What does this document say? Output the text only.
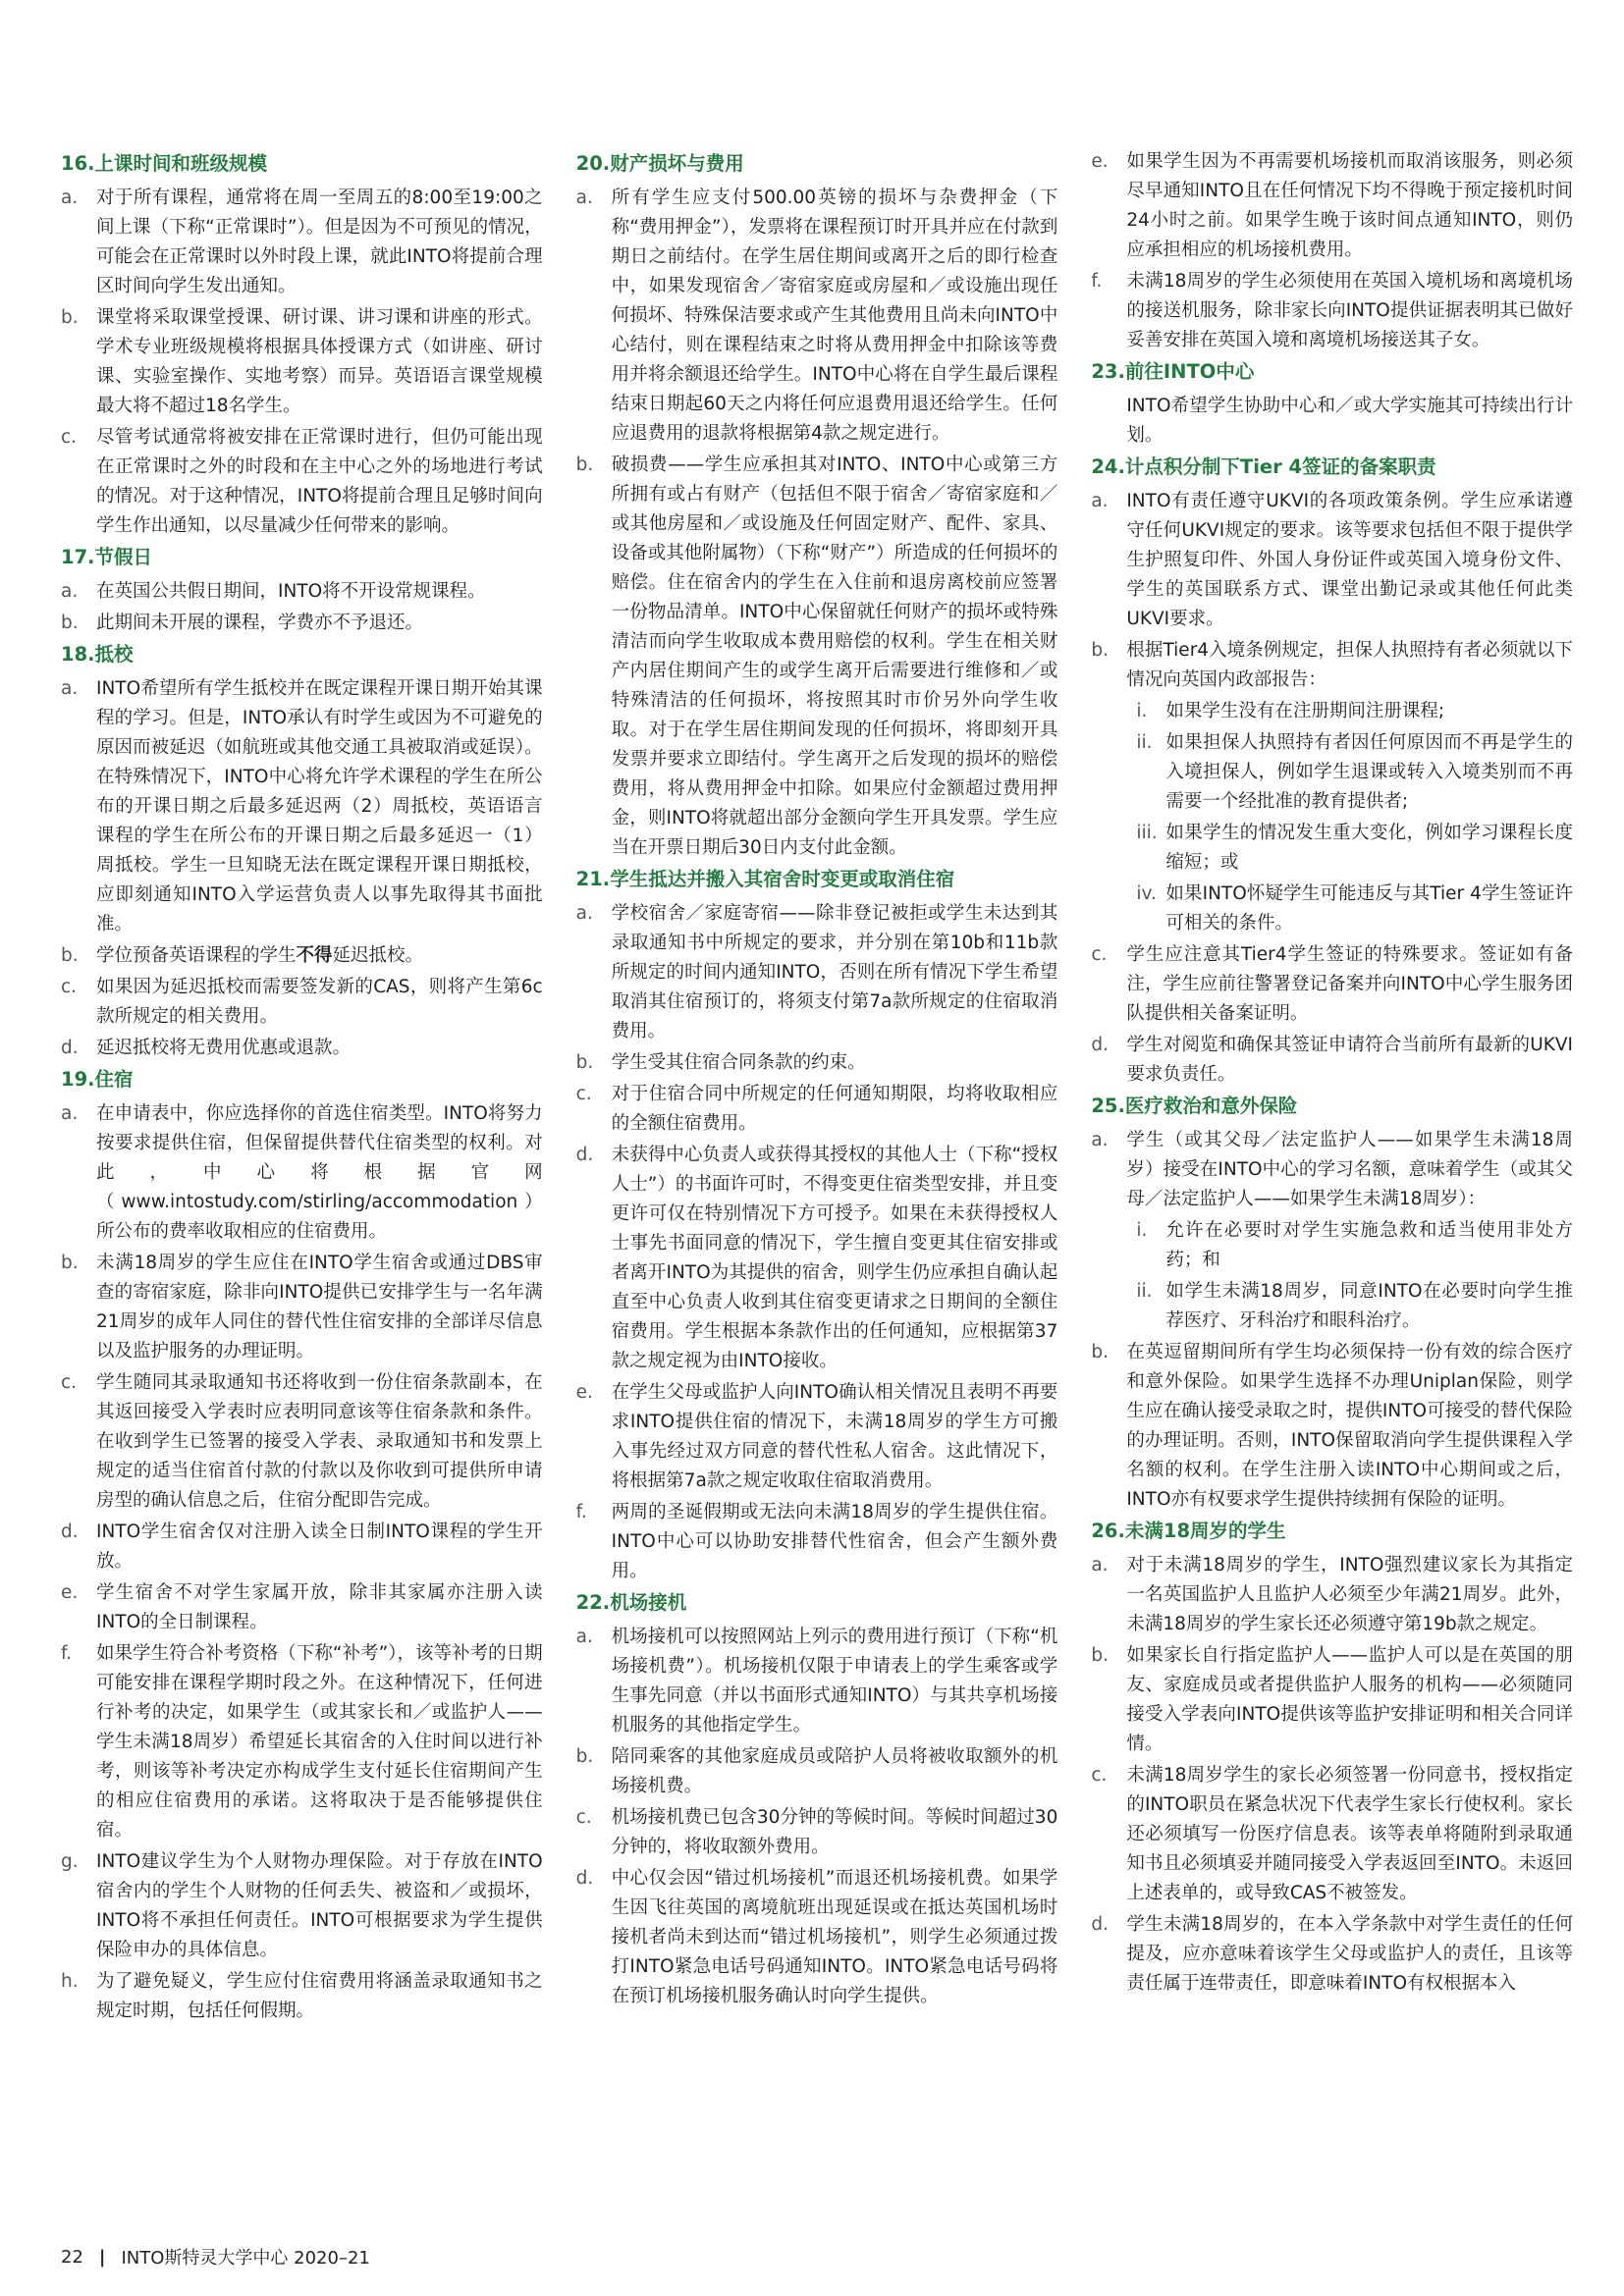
16.上课时间和班级规模
a.	对于所有课程，通常将在周一至周五的8:00至19:00之间上课（下称“正常课时”）。但是因为不可预见的情况，可能会在正常课时以外时段上课，就此INTO将提前合理区时间向学生发出通知。
b. 课堂将采取课堂授课、研讨课、讲习课和讲座的形式。学术专业班级规模将根据具体授课方式（如讲座、研讨课、实验室操作、实地考察）而异。英语语言课堂规模最大将不超过18名学生。
c.	尽管考试通常将被安排在正常课时进行，但仍可能出现在正常课时之外的时段和在主中心之外的场地进行考试的情况。对于这种情况，INTO将提前合理且足够时间向学生作出通知，以尽量减少任何带来的影响。
17.节假日
a.	在英国公共假日期间，INTO将不开设常规课程。
b. 此期间未开展的课程，学费亦不予退还。
18.抵校
a.	INTO希望所有学生抵校并在既定课程开课日期开始其课程的学习。但是，INTO承认有时学生或因为不可避免的原因而被延迟（如航班或其他交通工具被取消或延误）。在特殊情况下，INTO中心将允许学术课程的学生在所公布的开课日期之后最多延迟两（2）周抵校，英语语言课程的学生在所公布的开课日期之后最多延迟一（1）周抵校。学生一旦知晓无法在既定课程开课日期抵校，应即刻通知INTO入学运营负责人以事先取得其书面批准。
b. 学位预备英语课程的学生不得延迟抵校。
c.	如果因为延迟抵校而需要签发新的CAS，则将产生第6c款所规定的相关费用。
d. 延迟抵校将无费用优惠或退款。
19.住宿
a.	在申请表中，你应选择你的首选住宿类型。INTO将努力按要求提供住宿，但保留提供替代住宿类型的权利。对此，中心将根据官网（www.intostudy.com/stirling/accommodation）所公布的费率收取相应的住宿费用。
b. 未满18周岁的学生应住在INTO学生宿舍或通过DBS审查的寄宿家庭，除非向INTO提供已安排学生与一名年满21周岁的成年人同住的替代性住宿安排的全部详尽信息以及监护服务的办理证明。
c.	学生随同其录取通知书还将收到一份住宿条款副本，在其返回接受入学表时应表明同意该等住宿条款和条件。在收到学生已签署的接受入学表、录取通知书和发票上规定的适当住宿首付款的付款以及你收到可提供所申请房型的确认信息之后，住宿分配即告完成。
d. INTO学生宿舍仅对注册入读全日制INTO课程的学生开放。
e.	学生宿舍不对学生家属开放，除非其家属亦注册入读INTO的全日制课程。
f.	如果学生符合补考资格（下称“补考”），该等补考的日期可能安排在课程学期时段之外。在这种情况下，任何进行补考的决定，如果学生（或其家长和／或监护人——学生未满18周岁）希望延长其宿舍的入住时间以进行补考，则该等补考决定亦构成学生支付延长住宿期间产生的相应住宿费用的承诺。这将取决于是否能够提供住宿。
g. INTO建议学生为个人财物办理保险。对于存放在INTO宿舍内的学生个人财物的任何丢失、被盗和／或损坏，INTO将不承担任何责任。INTO可根据要求为学生提供保险申办的具体信息。
h. 为了避免疑义，学生应付住宿费用将涵盖录取通知书之规定时期，包括任何假期。
20.财产损坏与费用
a.	所有学生应支付500.00英镑的损坏与杂费押金（下称“费用押金”），发票将在课程预订时开具并应在付款到期日之前结付。在学生居住期间或离开之后的即行检查中，如果发现宿舍／寄宿家庭或房屋和／或设施出现任何损坏、特殊保洁要求或产生其他费用且尚未向INTO中心结付，则在课程结束之时将从费用押金中扣除该等费用并将余额退还给学生。INTO中心将在自学生最后课程结束日期起60天之内将任何应退费用退还给学生。任何应退费用的退款将根据第4款之规定进行。
b. 破损费——学生应承担其对INTO、INTO中心或第三方所拥有或占有财产（包括但不限于宿舍／寄宿家庭和／或其他房屋和／或设施及任何固定财产、配件、家具、设备或其他附属物）（下称“财产”）所造成的任何损坏的赔偿。住在宿舍内的学生在入住前和退房离校前应签署一份物品清单。INTO中心保留就任何财产的损坏或特殊清洁而向学生收取成本费用赔偿的权利。学生在相关财产内居住期间产生的或学生离开后需要进行维修和／或特殊清洁的任何损坏，将按照其时市价另外向学生收取。对于在学生居住期间发现的任何损坏，将即刻开具发票并要求立即结付。学生离开之后发现的损坏的赔偿费用，将从费用押金中扣除。如果应付金额超过费用押金，则INTO将就超出部分金额向学生开具发票。学生应当在开票日期后30日内支付此金额。
21.学生抵达并搬入其宿舍时变更或取消住宿
a.	学校宿舍／家庭寄宿——除非登记被拒或学生未达到其录取通知书中所规定的要求，并分别在第10b和11b款所规定的时间内通知INTO，否则在所有情况下学生希望取消其住宿预订的，将须支付第7a款所规定的住宿取消费用。
b. 学生受其住宿合同条款的约束。
c.	对于住宿合同中所规定的任何通知期限，均将收取相应的全额住宿费用。
d. 未获得中心负责人或获得其授权的其他人士（下称“授权人士”）的书面许可时，不得变更住宿类型安排，并且变更许可仅在特别情况下方可授予。如果在未获得授权人士事先书面同意的情况下，学生擅自变更其住宿安排或者离开INTO为其提供的宿舍，则学生仍应承担自确认起直至中心负责人收到其住宿变更请求之日期间的全额住宿费用。学生根据本条款作出的任何通知，应根据第37款之规定视为由INTO接收。
e.	在学生父母或监护人向INTO确认相关情况且表明不再要求INTO提供住宿的情况下，未满18周岁的学生方可搬入事先经过双方同意的替代性私人宿舍。这此情况下，将根据第7a款之规定收取住宿取消费用。
f.	两周的圣诞假期或无法向未满18周岁的学生提供住宿。INTO中心可以协助安排替代性宿舍，但会产生额外费用。
22.机场接机
a.	机场接机可以按照网站上列示的费用进行预订（下称“机场接机费”）。机场接机仅限于申请表上的学生乘客或学生事先同意（并以书面形式通知INTO）与其共享机场接机服务的其他指定学生。
b. 陪同乘客的其他家庭成员或陪护人员将被收取额外的机场接机费。
c.	机场接机费已包含30分钟的等候时间。等候时间超过30分钟的，将收取额外费用。
d. 中心仅会因“错过机场接机”而退还机场接机费。如果学生因飞往英国的离境航班出现延误或在抵达英国机场时接机者尚未到达而“错过机场接机”，则学生必须通过拨打INTO紧急电话号码通知INTO。INTO紧急电话号码将在预订机场接机服务确认时向学生提供。
e.	如果学生因为不再需要机场接机而取消该服务，则必须尽早通知INTO且在任何情况下均不得晚于预定接机时间24小时之前。如果学生晚于该时间点通知INTO，则仍应承担相应的机场接机费用。
f.	未满18周岁的学生必须使用在英国入境机场和离境机场的接送机服务，除非家长向INTO提供证据表明其已做好妥善安排在英国入境和离境机场接送其子女。
23.前往INTO中心
INTO希望学生协助中心和／或大学实施其可持续出行计划。
24.计点积分制下Tier 4签证的备案职责
a.	INTO有责任遵守UKVI的各项政策条例。学生应承诺遵守任何UKVI规定的要求。该等要求包括但不限于提供学生护照复印件、外国人身份证件或英国入境身份文件、学生的英国联系方式、课堂出勤记录或其他任何此类UKVI要求。
b. 根据Tier4入境条例规定，担保人执照持有者必须就以下情况向英国内政部报告：
i.	如果学生没有在注册期间注册课程;
ii. 如果担保人执照持有者因任何原因而不再是学生的入境担保人，例如学生退课或转入入境类别而不再需要一个经批准的教育提供者;
iii. 如果学生的情况发生重大变化，例如学习课程长度缩短；或
iv. 如果INTO怀疑学生可能违反与其Tier 4学生签证许可相关的条件。
c.	学生应注意其Tier4学生签证的特殊要求。签证如有备注，学生应前往警署登记备案并向INTO中心学生服务团队提供相关备案证明。
d. 学生对阅览和确保其签证申请符合当前所有最新的UKVI要求负责任。
25.医疗救治和意外保险
a.	学生（或其父母／法定监护人——如果学生未满18周岁）接受在INTO中心的学习名额，意味着学生（或其父母／法定监护人——如果学生未满18周岁）：
i.	允许在必要时对学生实施急救和适当使用非处方药；和
ii. 如学生未满18周岁，同意INTO在必要时向学生推荐医疗、牙科治疗和眼科治疗。
b. 在英逗留期间所有学生均必须保持一份有效的综合医疗和意外保险。如果学生选择不办理Uniplan保险，则学生应在确认接受录取之时，提供INTO可接受的替代保险的办理证明。否则，INTO保留取消向学生提供课程入学名额的权利。在学生注册入读INTO中心期间或之后，INTO亦有权要求学生提供持续拥有保险的证明。
26.未满18周岁的学生
a.	对于未满18周岁的学生，INTO强烈建议家长为其指定一名英国监护人且监护人必须至少年满21周岁。此外，未满18周岁的学生家长还必须遵守第19b款之规定。
b. 如果家长自行指定监护人——监护人可以是在英国的朋友、家庭成员或者提供监护人服务的机构——必须随同接受入学表向INTO提供该等监护安排证明和相关合同详情。
c.	未满18周岁学生的家长必须签署一份同意书，授权指定的INTO职员在紧急状况下代表学生家长行使权利。家长还必须填写一份医疗信息表。该等表单将随附到录取通知书且必须填妥并随同接受入学表返回至INTO。未返回上述表单的，或导致CAS不被签发。
d. 学生未满18周岁的，在本入学条款中对学生责任的任何提及，应亦意味着该学生父母或监护人的责任，且该等责任属于连带责任，即意味着INTO有权根据本入
22 | INTO斯特灵大学中心 2020–21
